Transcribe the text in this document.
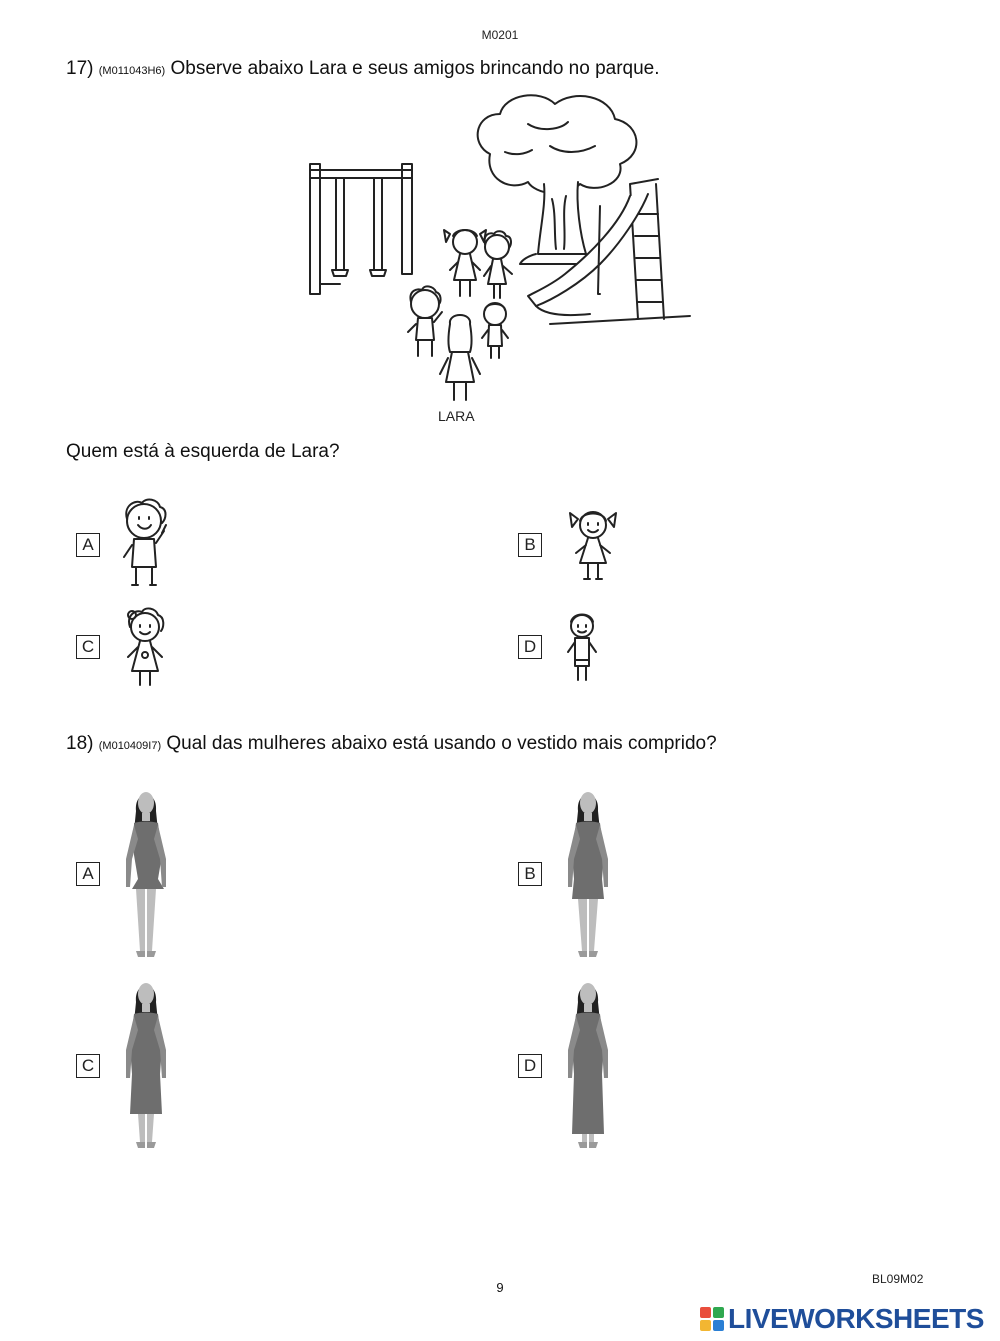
M0201
17) (M011043H6) Observe abaixo Lara e seus amigos brincando no parque.
LARA
Quem está à esquerda de Lara?
A	B
C	D
18) (M010409I7) Qual das mulheres abaixo está usando o vestido mais comprido?
A	B
C	D
9
BL09M02
LIVEWORKSHEETS
